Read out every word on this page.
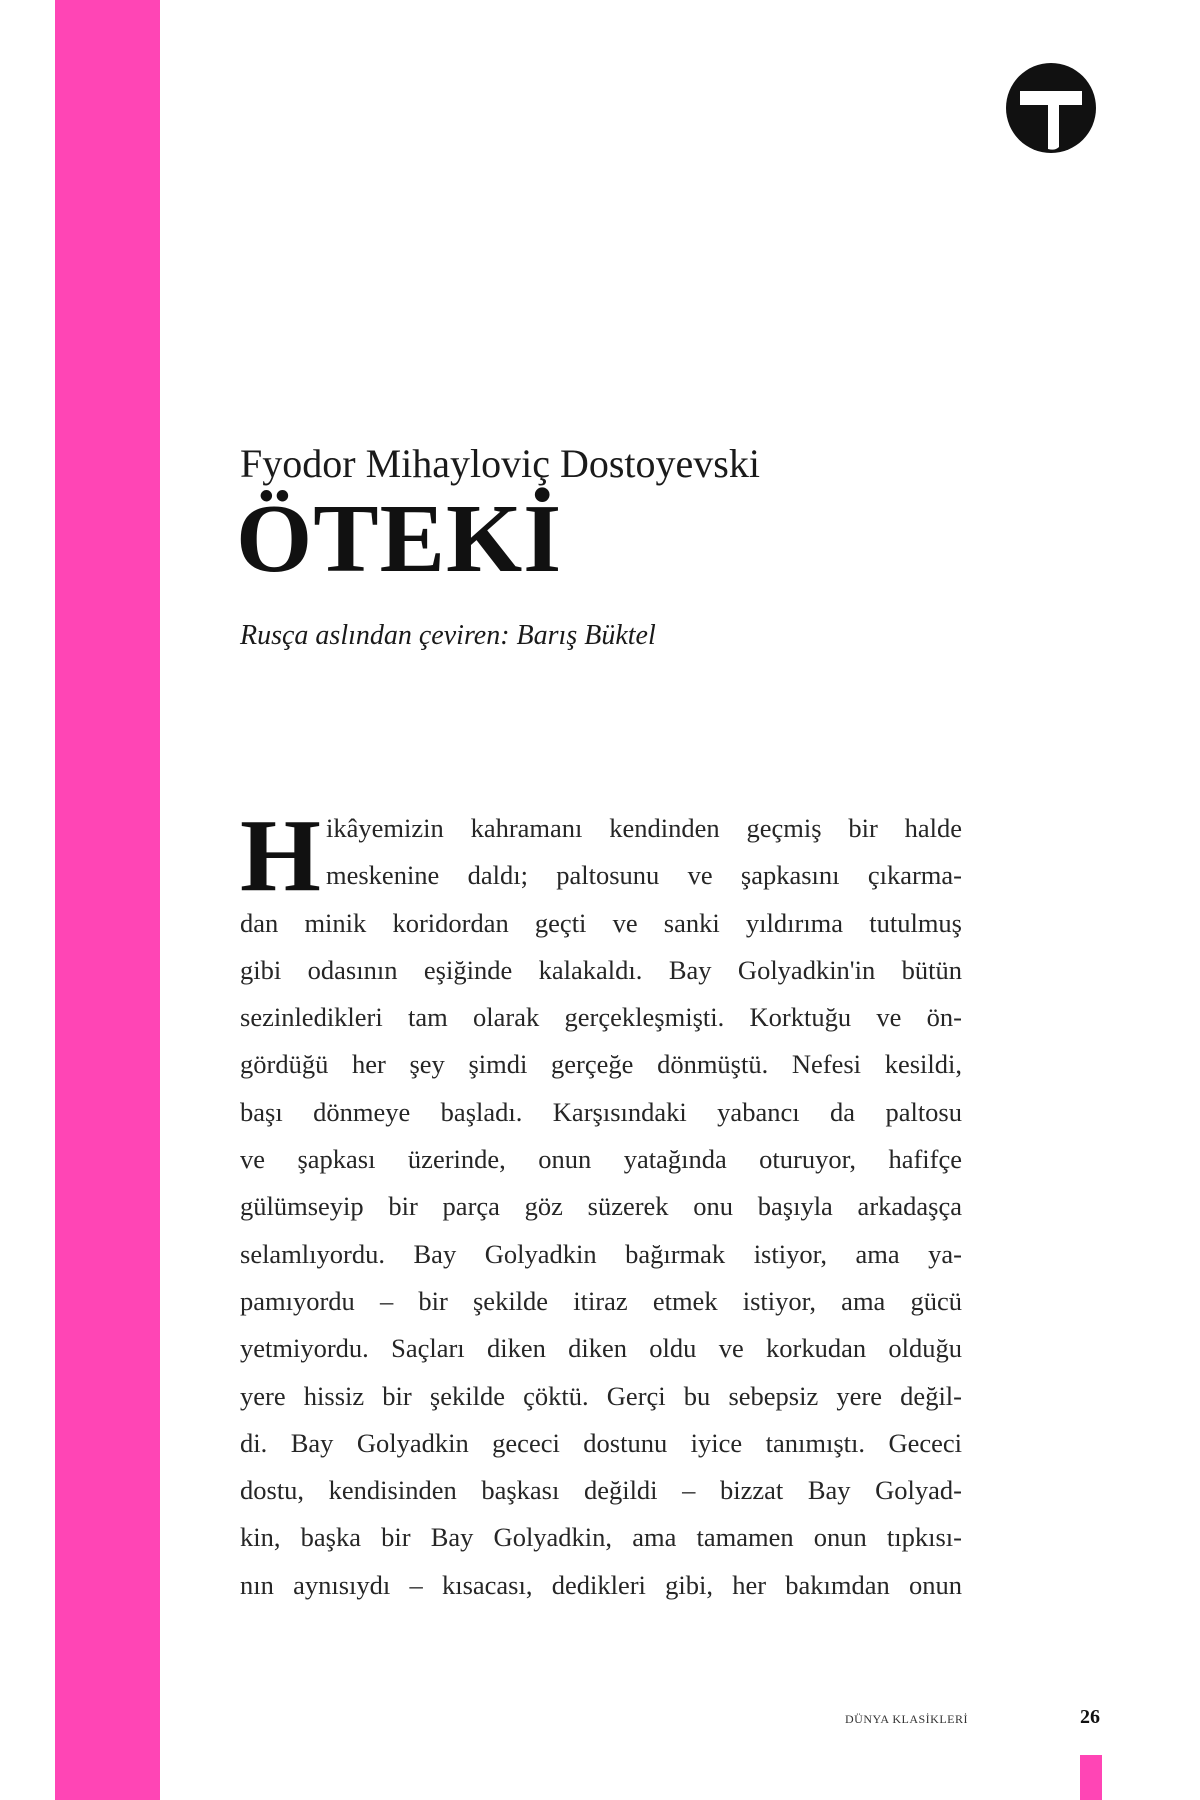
Fyodor Mihayloviç Dostoyevski
ÖTEKİ
Rusça aslından çeviren: Barış Büktel
H ikâyemizin kahramanı kendinden geçmiş bir halde
meskenine daldı; paltosunu ve şapkasını çıkarma-
dan minik koridordan geçti ve sanki yıldırıma tutulmuş
gibi odasının eşiğinde kalakaldı. Bay Golyadkin'in bütün
sezinledikleri tam olarak gerçekleşmişti. Korktuğu ve ön-
gördüğü her şey şimdi gerçeğe dönmüştü. Nefesi kesildi,
başı dönmeye başladı. Karşısındaki yabancı da paltosu
ve şapkası üzerinde, onun yatağında oturuyor, hafifçe
gülümseyip bir parça göz süzerek onu başıyla arkadaşça
selamlıyordu. Bay Golyadkin bağırmak istiyor, ama ya-
pamıyordu – bir şekilde itiraz etmek istiyor, ama gücü
yetmiyordu. Saçları diken diken oldu ve korkudan olduğu
yere hissiz bir şekilde çöktü. Gerçi bu sebepsiz yere değil-
di. Bay Golyadkin gececi dostunu iyice tanımıştı. Gececi
dostu, kendisinden başkası değildi – bizzat Bay Golyad-
kin, başka bir Bay Golyadkin, ama tamamen onun tıpkısı-
nın aynısıydı – kısacası, dedikleri gibi, her bakımdan onun
DÜNYA KLASİKLERİ	26
